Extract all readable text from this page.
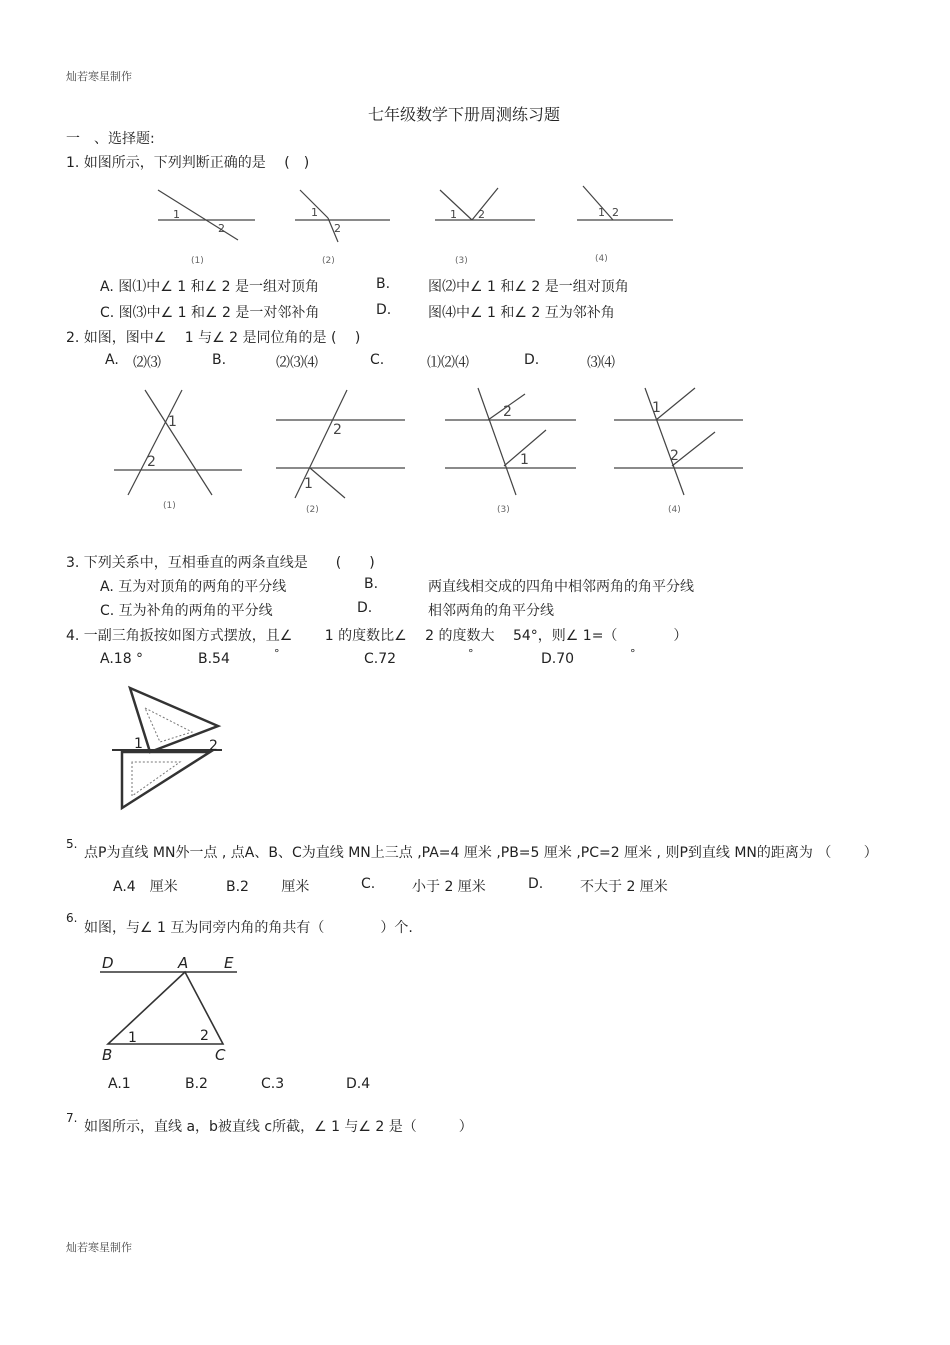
灿若寒星制作
灿若寒星制作
七年级数学下册周测练习题
一　、选择题:
1. 如图所示，下列判断正确的是　 (　)
1
2
1
2
1 2	1 2
(1)	(2)	(3)	(4)
A. 图⑴中∠ 1 和∠ 2 是一组对顶角	B.	图⑵中∠ 1 和∠ 2 是一组对顶角
C. 图⑶中∠ 1 和∠ 2 是一对邻补角	D.	图⑷中∠ 1 和∠ 2 互为邻补角
2. 如图，图中∠　 1 与∠ 2 是同位角的是 (　 )
A. ⑵⑶	B.	⑵⑶⑷	C.	⑴⑵⑷	D.	⑶⑷
1
2
2
1
2
1
1
2
(1)	(2)	(3)	(4)
3. 下列关系中，互相垂直的两条直线是　　(　　)
A. 互为对顶角的两角的平分线	B.	两直线相交成的四角中相邻两角的角平分线
C. 互为补角的两角的平分线	D.	相邻两角的角平分线
4. 一副三角扳按如图方式摆放，且∠　　 1 的度数比∠　 2 的度数大　 54°，则∠ 1=（　　　　）
A.18 °	B.54	°	C.72	°	D.70	°
1	2
5.
点P为直线 MN外一点 , 点A、B、C为直线 MN上三点 ,PA=4 厘米 ,PB=5 厘米 ,PC=2 厘米 , 则P到直线 MN的距离为 （　　 ）
A.4　厘米	B.2　　 厘米	C.	小于 2 厘米	D.	不大于 2 厘米
6.
如图，与∠ 1 互为同旁内角的角共有（　　　　）个.
D	A E
B	C
1	2
A.1	B.2	C.3	D.4
7.
如图所示，直线 a，b被直线 c所截，∠ 1 与∠ 2 是（　　　）
